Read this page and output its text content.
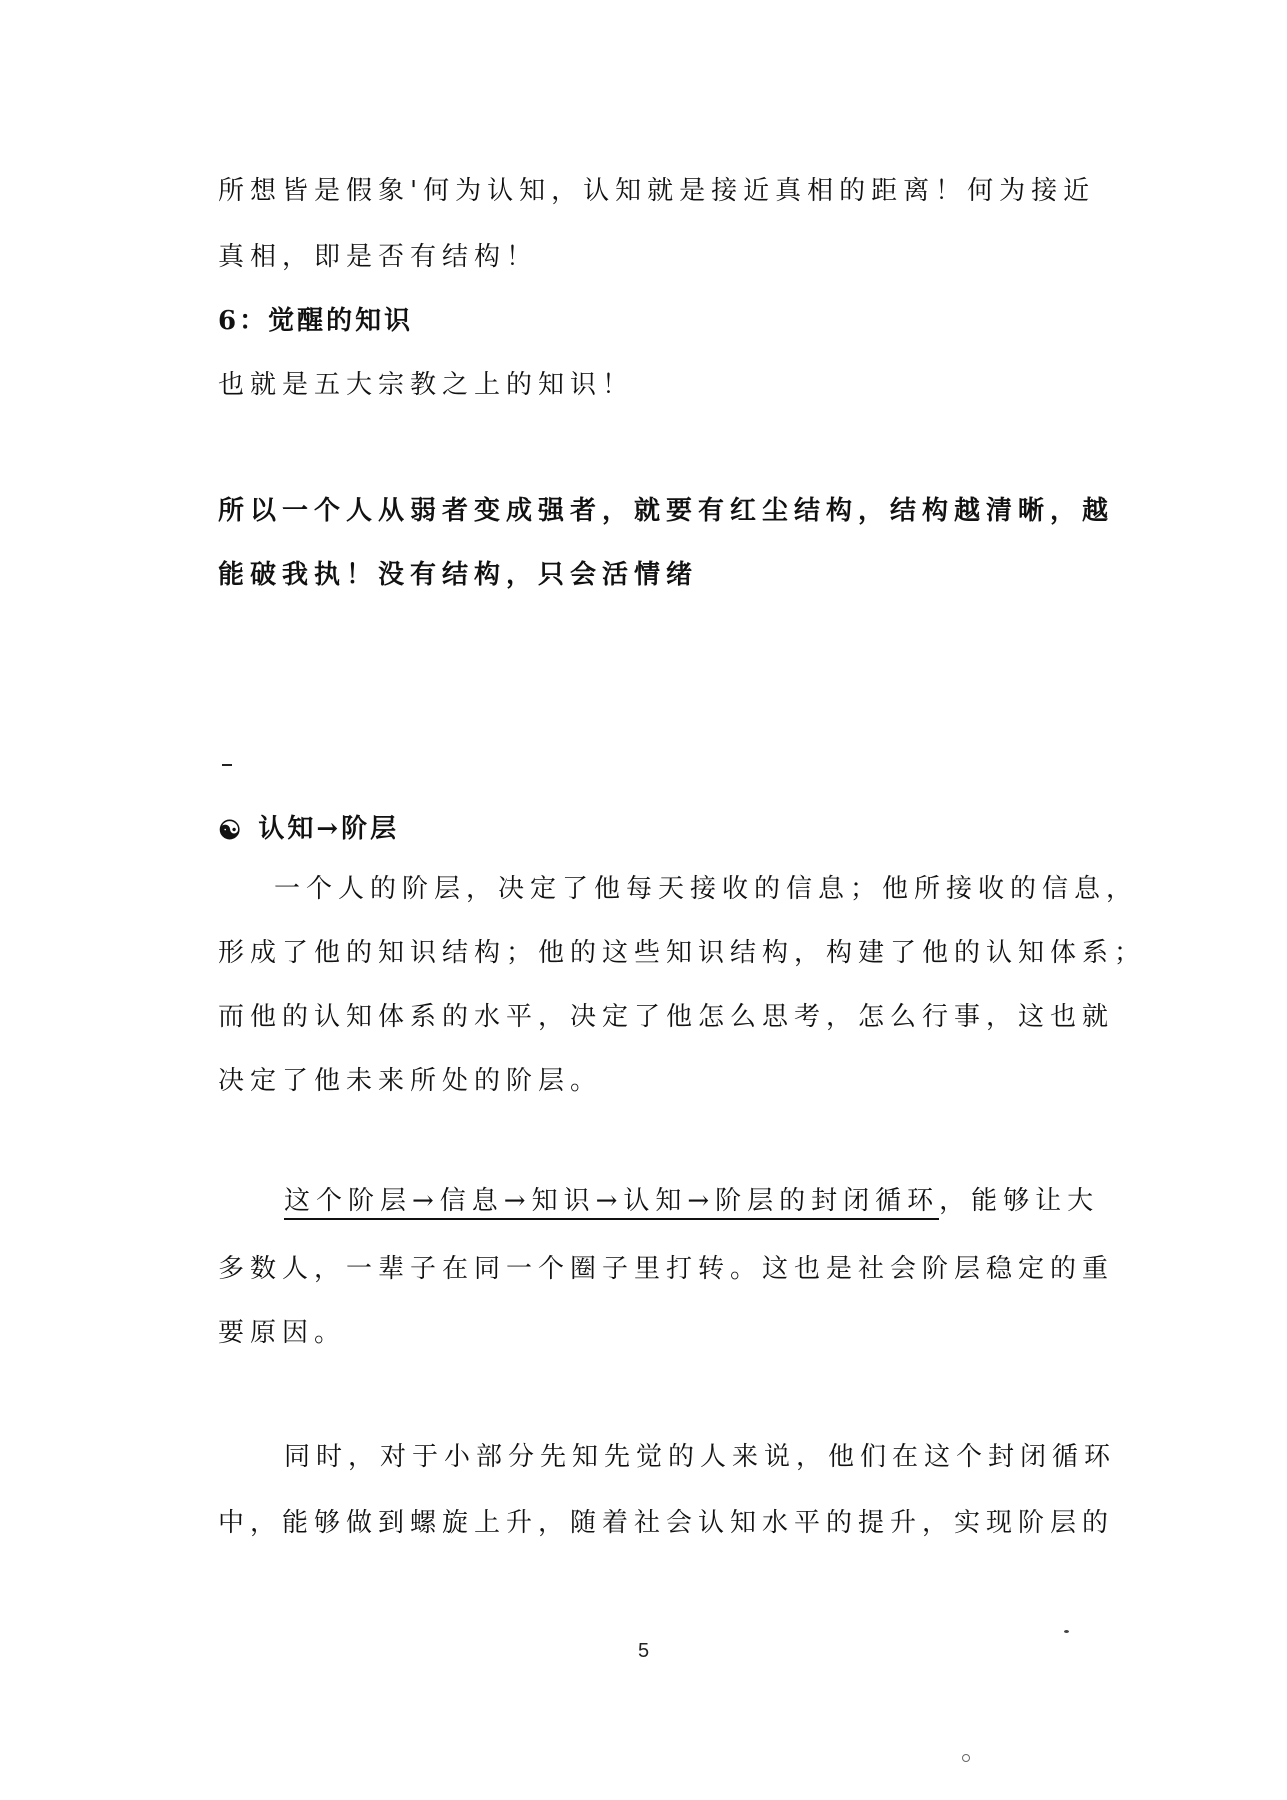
所想皆是假象'何为认知，认知就是接近真相的距离！何为接近
真相，即是否有结构！
6：觉醒的知识
也就是五大宗教之上的知识！
所以一个人从弱者变成强者，就要有红尘结构，结构越清晰，越
能破我执！没有结构，只会活情绪
☯ 认知→阶层
一个人的阶层，决定了他每天接收的信息；他所接收的信息，
形成了他的知识结构；他的这些知识结构，构建了他的认知体系；
而他的认知体系的水平，决定了他怎么思考，怎么行事，这也就
决定了他未来所处的阶层。
这个阶层→信息→知识→认知→阶层的封闭循环，能够让大
多数人，一辈子在同一个圈子里打转。这也是社会阶层稳定的重
要原因。
同时，对于小部分先知先觉的人来说，他们在这个封闭循环
中，能够做到螺旋上升，随着社会认知水平的提升，实现阶层的
5
